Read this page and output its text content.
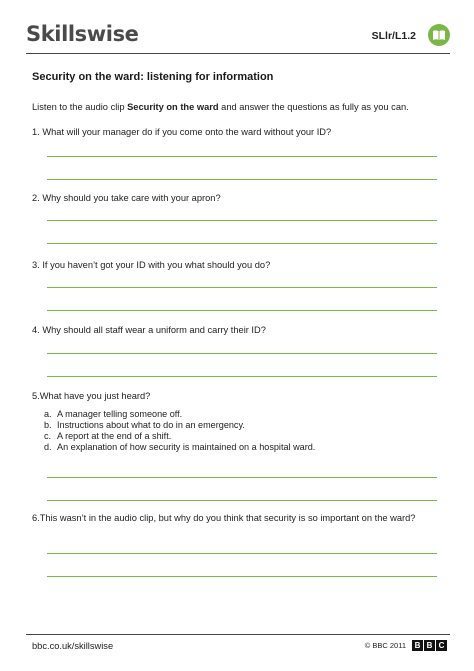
Skillswise	SLlr/L1.2
Security on the ward: listening for information
Listen to the audio clip Security on the ward and answer the questions as fully as you can.
1. What will your manager do if you come onto the ward without your ID?
2. Why should you take care with your apron?
3. If you haven’t got your ID with you what should you do?
4. Why should all staff wear a uniform and carry their ID?
5.What have you just heard?
a. A manager telling someone off.
b. Instructions about what to do in an emergency.
c. A report at the end of a shift.
d. An explanation of how security is maintained on a hospital ward.
6.This wasn’t in the audio clip, but why do you think that security is so important on the ward?
bbc.co.uk/skillswise	© BBC 2011	B B C
